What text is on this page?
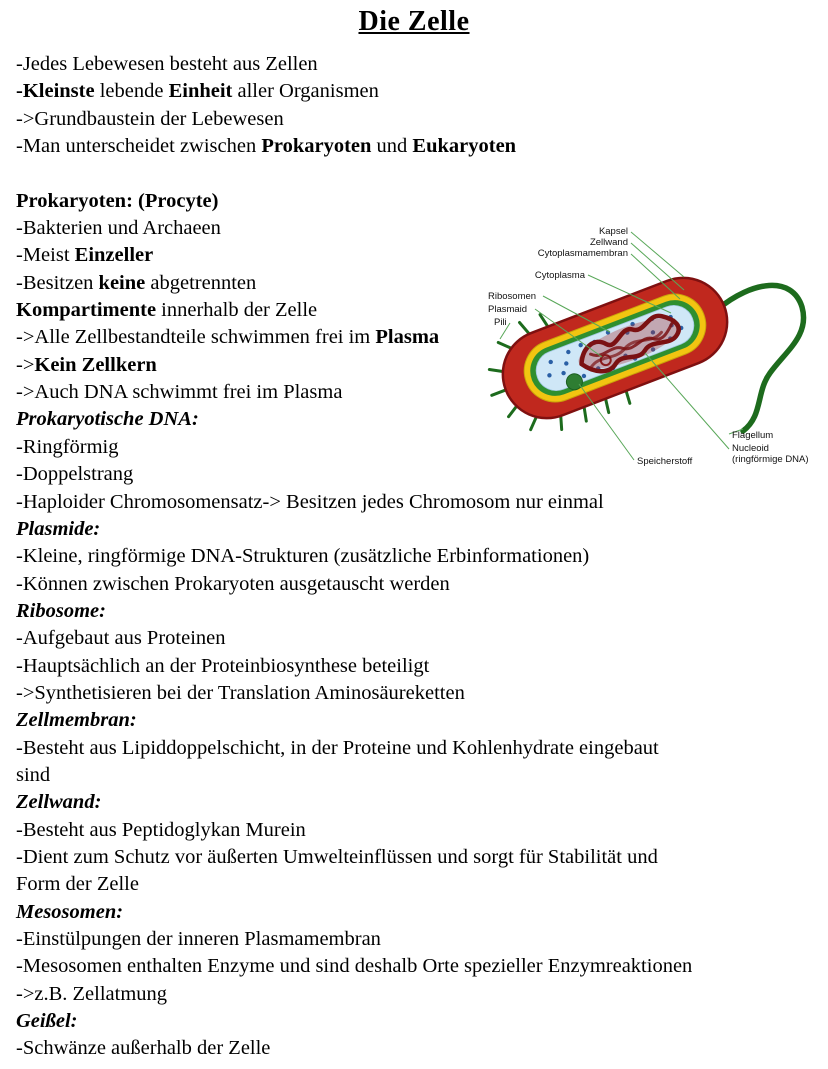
Die Zelle
-Jedes Lebewesen besteht aus Zellen
-Kleinste lebende Einheit aller Organismen
->Grundbaustein der Lebewesen
-Man unterscheidet zwischen Prokaryoten und Eukaryoten
Prokaryoten: (Procyte)
-Bakterien und Archaeen
-Meist Einzeller
-Besitzen keine abgetrennten
Kompartimente innerhalb der Zelle
->Alle Zellbestandteile schwimmen frei im Plasma
->Kein Zellkern
->Auch DNA schwimmt frei im Plasma
Prokaryotische DNA:
-Ringförmig
-Doppelstrang
-Haploider Chromosomensatz-> Besitzen jedes Chromosom nur einmal
Plasmide:
-Kleine, ringförmige DNA-Strukturen (zusätzliche Erbinformationen)
-Können zwischen Prokaryoten ausgetauscht werden
Ribosome:
-Aufgebaut aus Proteinen
-Hauptsächlich an der Proteinbiosynthese beteiligt
->Synthetisieren bei der Translation Aminosäureketten
Zellmembran:
-Besteht aus Lipiddoppelschicht, in der Proteine und Kohlenhydrate eingebaut
sind
Zellwand:
-Besteht aus Peptidoglykan Murein
-Dient zum Schutz vor äußerten Umwelteinflüssen und sorgt für Stabilität und
Form der Zelle
Mesosomen:
-Einstülpungen der inneren Plasmamembran
-Mesosomen enthalten Enzyme und sind deshalb Orte spezieller Enzymreaktionen
->z.B. Zellatmung
Geißel:
-Schwänze außerhalb der Zelle
Kapsel
Zellwand
Cytoplasmamembran
Cytoplasma
Ribosomen
Plasmaid
Pili
Flagellum
Nucleoid
(ringförmige DNA)
Speicherstoff
